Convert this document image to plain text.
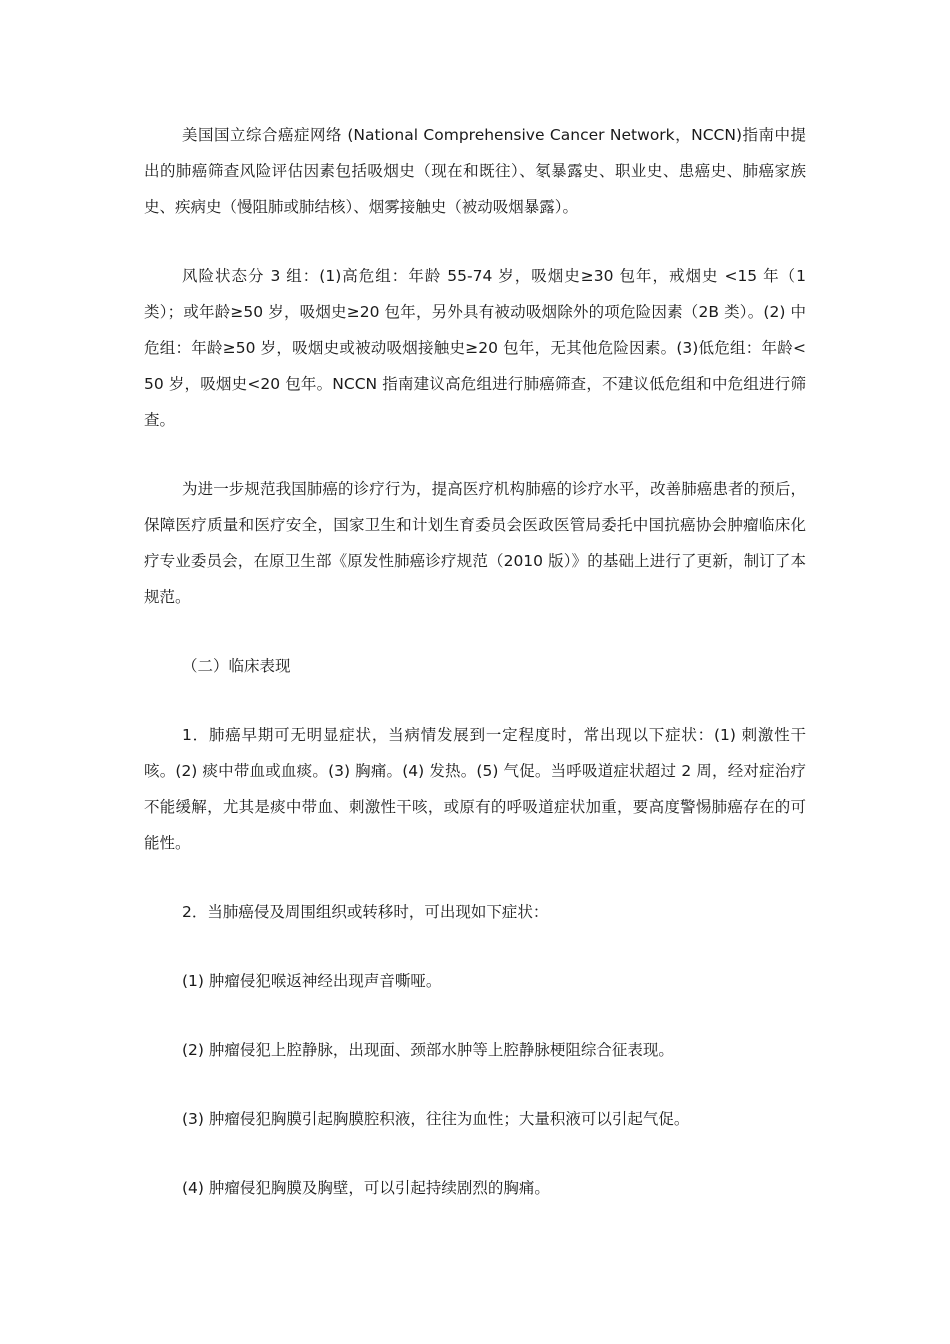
美国国立综合癌症网络 (National Comprehensive Cancer Network，NCCN)指南中提出的肺癌筛查风险评估因素包括吸烟史（现在和既往）、氡暴露史、职业史、患癌史、肺癌家族史、疾病史（慢阻肺或肺结核）、烟雾接触史（被动吸烟暴露）。

风险状态分 3 组：(1)高危组：年龄 55-74 岁，吸烟史≥30 包年，戒烟史 <15 年（1 类）；或年龄≥50 岁，吸烟史≥20 包年，另外具有被动吸烟除外的项危险因素（2B 类）。(2) 中危组：年龄≥50 岁，吸烟史或被动吸烟接触史≥20 包年，无其他危险因素。(3)低危组：年龄<50 岁，吸烟史<20 包年。NCCN 指南建议高危组进行肺癌筛查，不建议低危组和中危组进行筛查。

为进一步规范我国肺癌的诊疗行为，提高医疗机构肺癌的诊疗水平，改善肺癌患者的预后，保障医疗质量和医疗安全，国家卫生和计划生育委员会医政医管局委托中国抗癌协会肿瘤临床化疗专业委员会，在原卫生部《原发性肺癌诊疗规范（2010 版）》的基础上进行了更新，制订了本规范。

（二）临床表现

1．肺癌早期可无明显症状，当病情发展到一定程度时，常出现以下症状：(1) 刺激性干咳。(2) 痰中带血或血痰。(3) 胸痛。(4) 发热。(5) 气促。当呼吸道症状超过 2 周，经对症治疗不能缓解，尤其是痰中带血、刺激性干咳，或原有的呼吸道症状加重，要高度警惕肺癌存在的可能性。

2．当肺癌侵及周围组织或转移时，可出现如下症状：

(1) 肿瘤侵犯喉返神经出现声音嘶哑。

(2) 肿瘤侵犯上腔静脉，出现面、颈部水肿等上腔静脉梗阻综合征表现。

(3) 肿瘤侵犯胸膜引起胸膜腔积液，往往为血性；大量积液可以引起气促。

(4) 肿瘤侵犯胸膜及胸壁，可以引起持续剧烈的胸痛。
